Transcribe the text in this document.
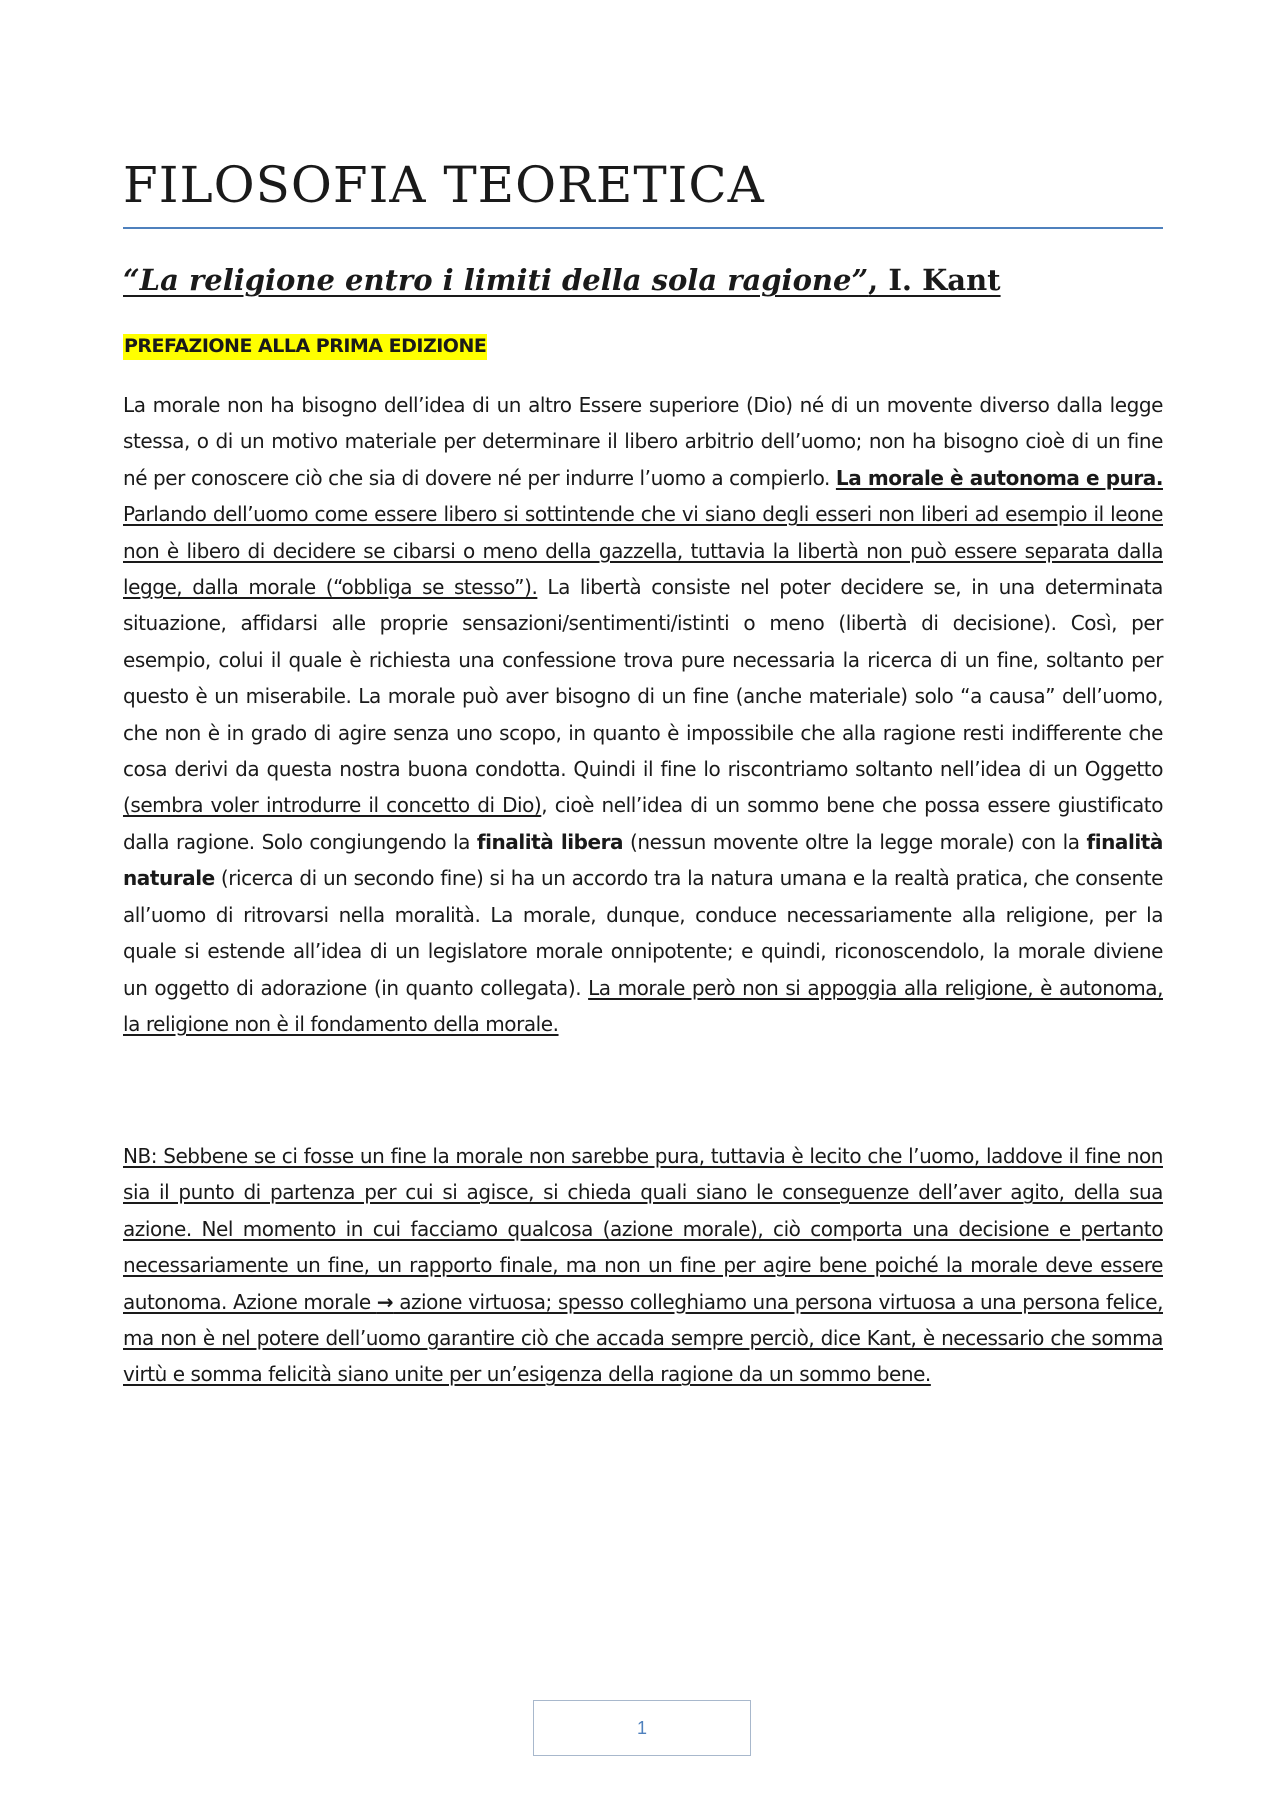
FILOSOFIA TEORETICA
“La religione entro i limiti della sola ragione”, I. Kant
PREFAZIONE ALLA PRIMA EDIZIONE

La morale non ha bisogno dell’idea di un altro Essere superiore (Dio) né di un movente diverso dalla legge stessa, o di un motivo materiale per determinare il libero arbitrio dell’uomo; non ha bisogno cioè di un fine né per conoscere ciò che sia di dovere né per indurre l’uomo a compierlo. La morale è autonoma e pura. Parlando dell’uomo come essere libero si sottintende che vi siano degli esseri non liberi ad esempio il leone non è libero di decidere se cibarsi o meno della gazzella, tuttavia la libertà non può essere separata dalla legge, dalla morale (“obbliga se stesso”). La libertà consiste nel poter decidere se, in una determinata situazione, affidarsi alle proprie sensazioni/sentimenti/istinti o meno (libertà di decisione). Così, per esempio, colui il quale è richiesta una confessione trova pure necessaria la ricerca di un fine, soltanto per questo è un miserabile. La morale può aver bisogno di un fine (anche materiale) solo “a causa” dell’uomo, che non è in grado di agire senza uno scopo, in quanto è impossibile che alla ragione resti indifferente che cosa derivi da questa nostra buona condotta. Quindi il fine lo riscontriamo soltanto nell’idea di un Oggetto (sembra voler introdurre il concetto di Dio), cioè nell’idea di un sommo bene che possa essere giustificato dalla ragione. Solo congiungendo la finalità libera (nessun movente oltre la legge morale) con la finalità naturale (ricerca di un secondo fine) si ha un accordo tra la natura umana e la realtà pratica, che consente all’uomo di ritrovarsi nella moralità. La morale, dunque, conduce necessariamente alla religione, per la quale si estende all’idea di un legislatore morale onnipotente; e quindi, riconoscendolo, la morale diviene un oggetto di adorazione (in quanto collegata). La morale però non si appoggia alla religione, è autonoma, la religione non è il fondamento della morale.

NB: Sebbene se ci fosse un fine la morale non sarebbe pura, tuttavia è lecito che l’uomo, laddove il fine non sia il punto di partenza per cui si agisce, si chieda quali siano le conseguenze dell’aver agito, della sua azione. Nel momento in cui facciamo qualcosa (azione morale), ciò comporta una decisione e pertanto necessariamente un fine, un rapporto finale, ma non un fine per agire bene poiché la morale deve essere autonoma. Azione morale → azione virtuosa; spesso colleghiamo una persona virtuosa a una persona felice, ma non è nel potere dell’uomo garantire ciò che accada sempre perciò, dice Kant, è necessario che somma virtù e somma felicità siano unite per un’esigenza della ragione da un sommo bene.

1
